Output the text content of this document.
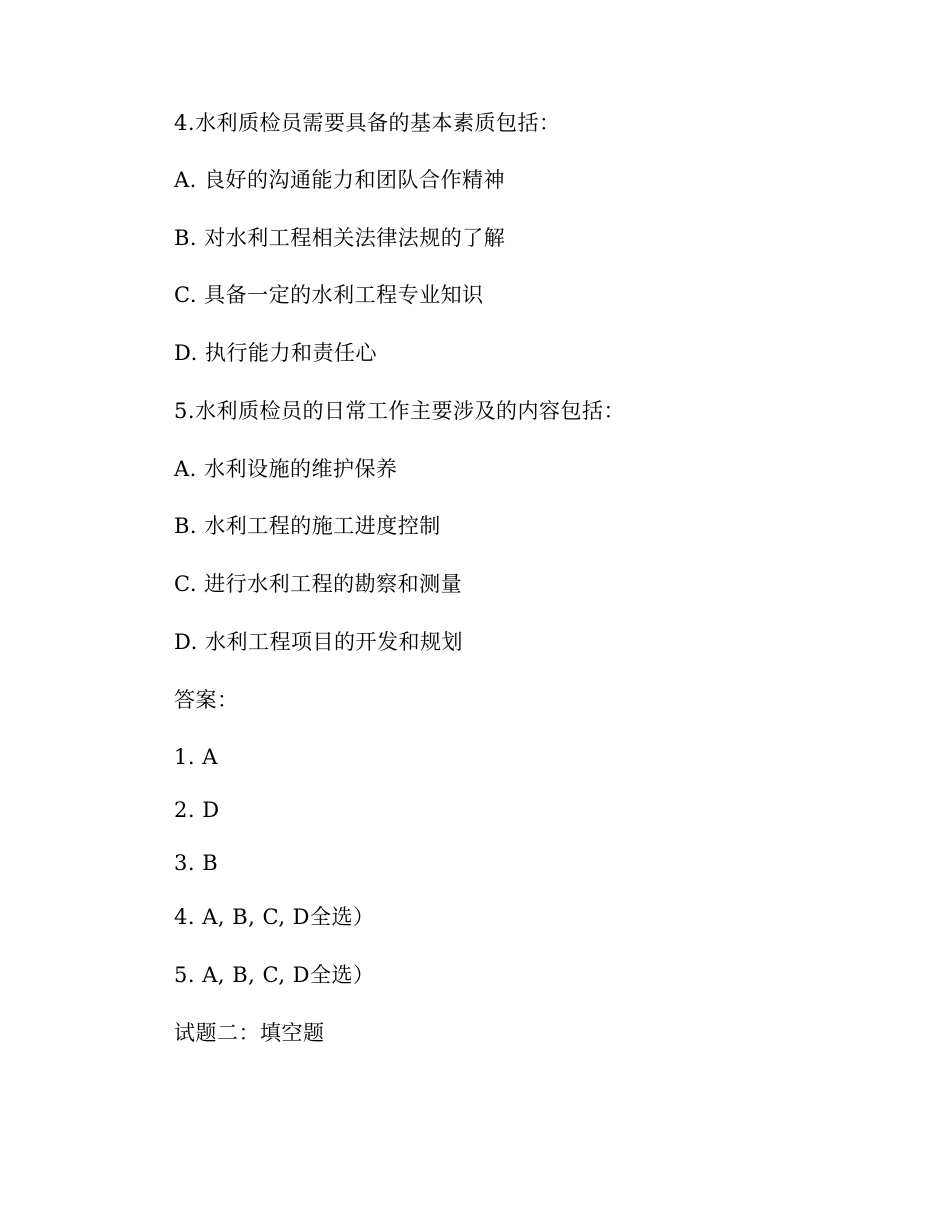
4.水利质检员需要具备的基本素质包括：
A. 良好的沟通能力和团队合作精神
B. 对水利工程相关法律法规的了解
C. 具备一定的水利工程专业知识
D. 执行能力和责任心
5.水利质检员的日常工作主要涉及的内容包括：
A. 水利设施的维护保养
B. 水利工程的施工进度控制
C. 进行水利工程的勘察和测量
D. 水利工程项目的开发和规划
答案：
1. A
2. D
3. B
4. A, B, C, D全选）
5. A, B, C, D全选）
试题二：填空题
